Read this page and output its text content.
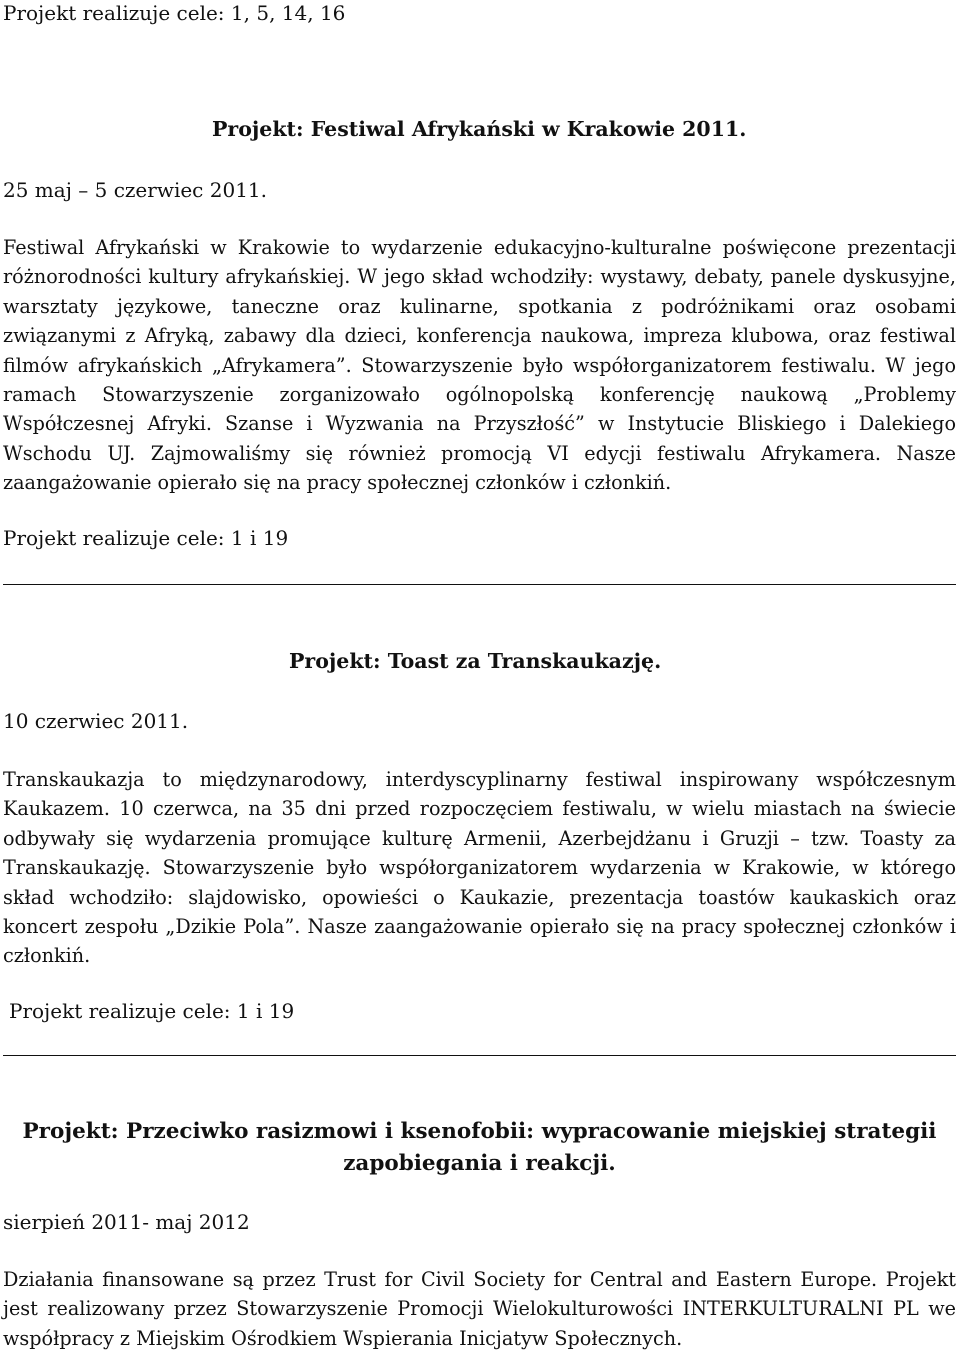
Projekt realizuje cele: 1, 5, 14, 16
Projekt: Festiwal Afrykański w Krakowie 2011.
25 maj – 5 czerwiec 2011.
Festiwal Afrykański w Krakowie to wydarzenie edukacyjno-kulturalne poświęcone prezentacji różnorodności kultury afrykańskiej. W jego skład wchodziły: wystawy, debaty, panele dyskusyjne, warsztaty językowe, taneczne oraz kulinarne, spotkania z podróżnikami oraz osobami związanymi z Afryką, zabawy dla dzieci, konferencja naukowa, impreza klubowa, oraz festiwal filmów afrykańskich „Afrykamera”. Stowarzyszenie było współorganizatorem festiwalu. W jego ramach Stowarzyszenie zorganizowało ogólnopolską konferencję naukową „Problemy Współczesnej Afryki. Szanse i Wyzwania na Przyszłość” w Instytucie Bliskiego i Dalekiego Wschodu UJ. Zajmowaliśmy się również promocją VI edycji festiwalu Afrykamera. Nasze zaangażowanie opierało się na pracy społecznej członków i członkiń.
Projekt realizuje cele: 1 i 19
Projekt: Toast za Transkaukazję.
10 czerwiec 2011.
Transkaukazja to międzynarodowy, interdyscyplinarny festiwal inspirowany współczesnym Kaukazem. 10 czerwca, na 35 dni przed rozpoczęciem festiwalu, w wielu miastach na świecie odbywały się wydarzenia promujące kulturę Armenii, Azerbejdżanu i Gruzji – tzw. Toasty za Transkaukazję. Stowarzyszenie było współorganizatorem wydarzenia w Krakowie, w którego skład wchodziło: slajdowisko, opowieści o Kaukazie, prezentacja toastów kaukaskich oraz koncert zespołu „Dzikie Pola”. Nasze zaangażowanie opierało się na pracy społecznej członków i członkiń.
Projekt realizuje cele: 1 i 19
Projekt: Przeciwko rasizmowi i ksenofobii: wypracowanie miejskiej strategii zapobiegania i reakcji.
sierpień 2011- maj 2012
Działania finansowane są przez Trust for Civil Society for Central and Eastern Europe. Projekt jest realizowany przez Stowarzyszenie Promocji Wielokulturowości INTERKULTURALNI PL we współpracy z Miejskim Ośrodkiem Wspierania Inicjatyw Społecznych.
